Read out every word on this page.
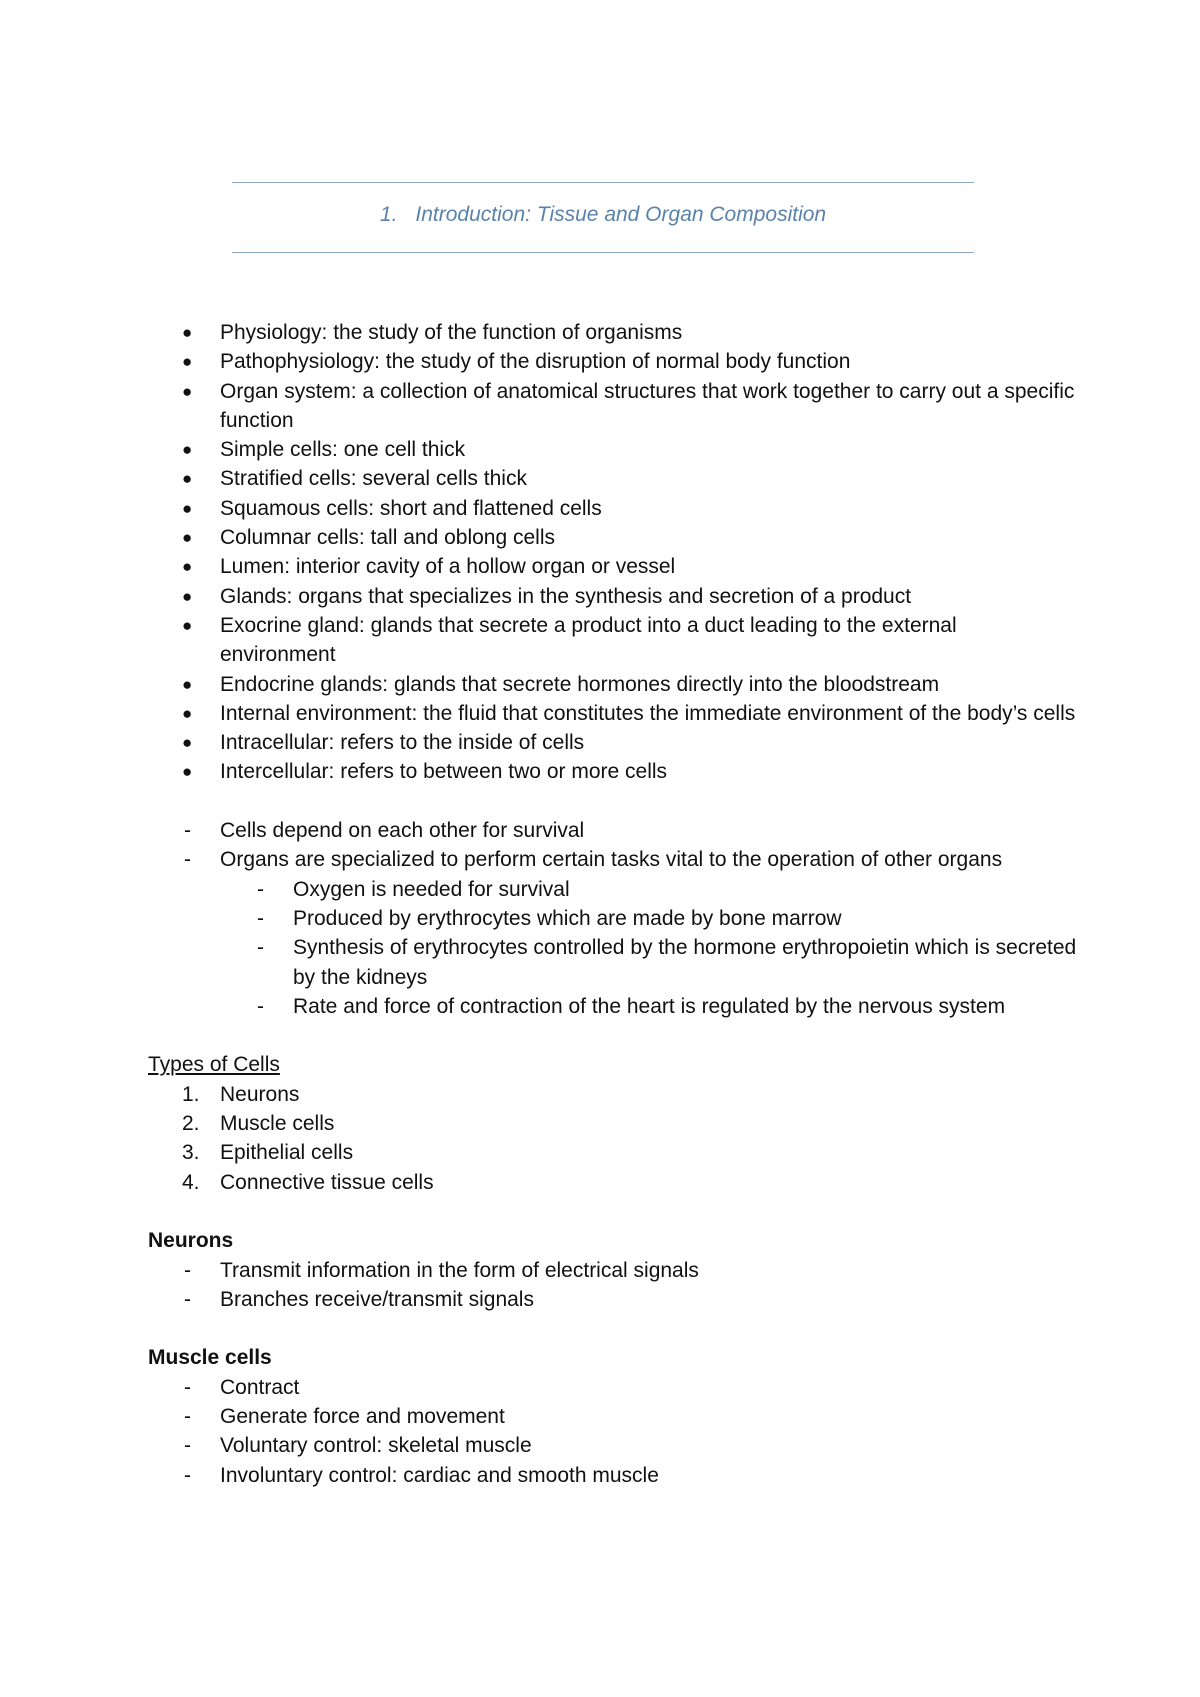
1. Introduction: Tissue and Organ Composition
● Physiology: the study of the function of organisms
● Pathophysiology: the study of the disruption of normal body function
● Organ system: a collection of anatomical structures that work together to carry out a specific function
● Simple cells: one cell thick
● Stratified cells: several cells thick
● Squamous cells: short and flattened cells
● Columnar cells: tall and oblong cells
● Lumen: interior cavity of a hollow organ or vessel
● Glands: organs that specializes in the synthesis and secretion of a product
● Exocrine gland: glands that secrete a product into a duct leading to the external environment
● Endocrine glands: glands that secrete hormones directly into the bloodstream
● Internal environment: the fluid that constitutes the immediate environment of the body’s cells
● Intracellular: refers to the inside of cells
● Intercellular: refers to between two or more cells
- Cells depend on each other for survival
- Organs are specialized to perform certain tasks vital to the operation of other organs
- Oxygen is needed for survival
- Produced by erythrocytes which are made by bone marrow
- Synthesis of erythrocytes controlled by the hormone erythropoietin which is secreted by the kidneys
- Rate and force of contraction of the heart is regulated by the nervous system
Types of Cells
1. Neurons
2. Muscle cells
3. Epithelial cells
4. Connective tissue cells
Neurons
- Transmit information in the form of electrical signals
- Branches receive/transmit signals
Muscle cells
- Contract
- Generate force and movement
- Voluntary control: skeletal muscle
- Involuntary control: cardiac and smooth muscle
